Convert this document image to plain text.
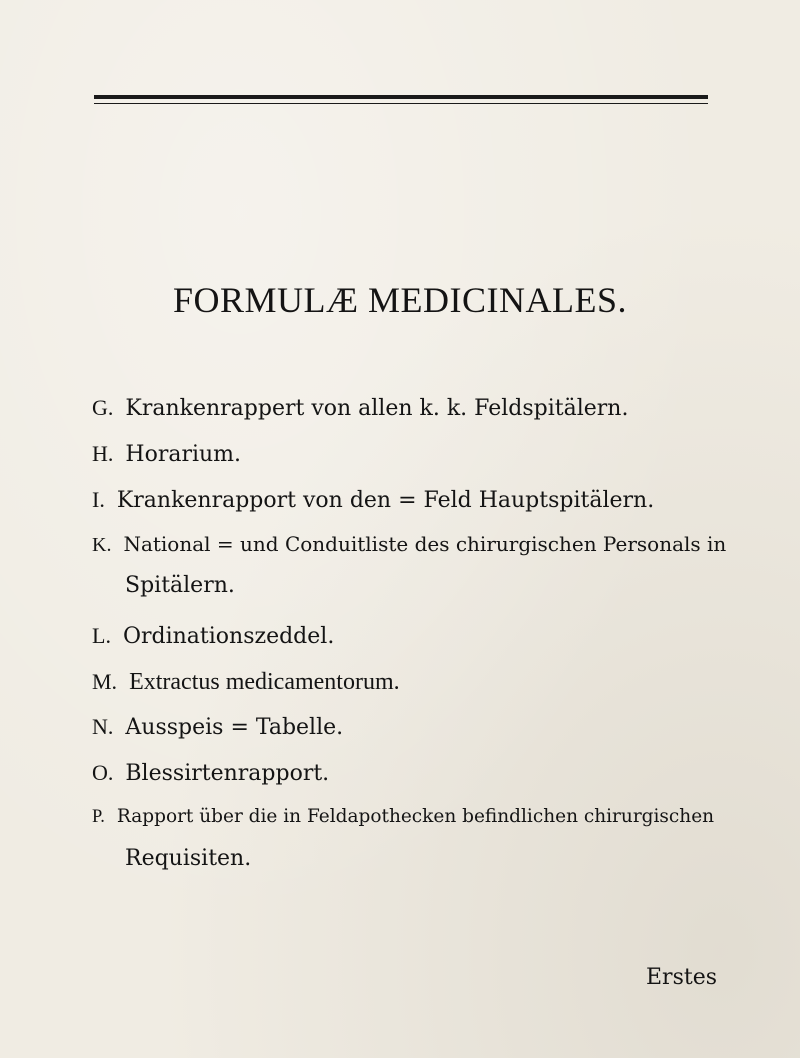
FORMULÆ MEDICINALES.
G. Krankenrappert von allen k. k. Feldspitälern.
H. Horarium.
I. Krankenrapport von den = Feld Hauptspitälern.
K. National = und Conduitliste des chirurgischen Personals in
Spitälern.
L. Ordinationszeddel.
M. Extractus medicamentorum.
N. Ausspeis = Tabelle.
O. Blessirtenrapport.
P. Rapport über die in Feldapothecken befindlichen chirurgischen
Requisiten.
Erstes
